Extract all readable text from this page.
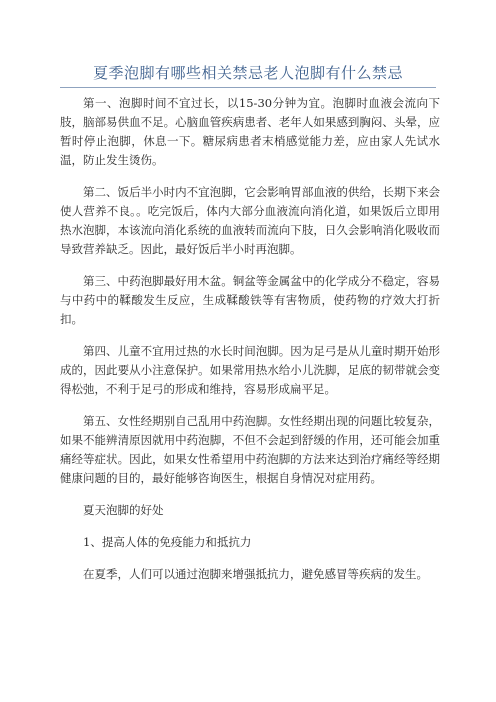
夏季泡脚有哪些相关禁忌老人泡脚有什么禁忌

第一、泡脚时间不宜过长，以15-30分钟为宜。泡脚时血液会流向下肢，脑部易供血不足。心脑血管疾病患者、老年人如果感到胸闷、头晕，应暂时停止泡脚，休息一下。糖尿病患者末梢感觉能力差，应由家人先试水温，防止发生烫伤。

第二、饭后半小时内不宜泡脚，它会影响胃部血液的供给，长期下来会使人营养不良。。吃完饭后，体内大部分血液流向消化道，如果饭后立即用热水泡脚，本该流向消化系统的血液转而流向下肢，日久会影响消化吸收而导致营养缺乏。因此，最好饭后半小时再泡脚。

第三、中药泡脚最好用木盆。铜盆等金属盆中的化学成分不稳定，容易与中药中的鞣酸发生反应，生成鞣酸铁等有害物质，使药物的疗效大打折扣。

第四、儿童不宜用过热的水长时间泡脚。因为足弓是从儿童时期开始形成的，因此要从小注意保护。如果常用热水给小儿洗脚，足底的韧带就会变得松弛，不利于足弓的形成和维持，容易形成扁平足。

第五、女性经期别自己乱用中药泡脚。女性经期出现的问题比较复杂，如果不能辨清原因就用中药泡脚，不但不会起到舒缓的作用，还可能会加重痛经等症状。因此，如果女性希望用中药泡脚的方法来达到治疗痛经等经期健康问题的目的，最好能够咨询医生，根据自身情况对症用药。

夏天泡脚的好处

1、提高人体的免疫能力和抵抗力

在夏季，人们可以通过泡脚来增强抵抗力，避免感冒等疾病的发生。
